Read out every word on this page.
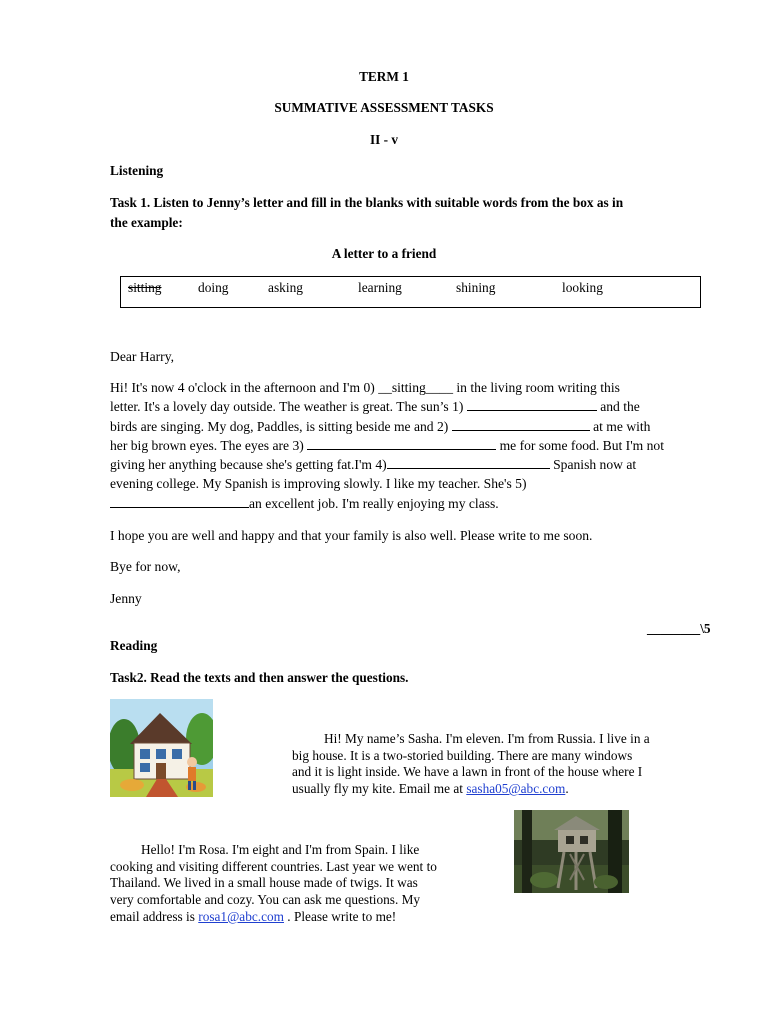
TERM 1
SUMMATIVE ASSESSMENT TASKS
II - v
Listening
Task 1. Listen to Jenny’s letter and fill in the blanks with suitable words from the box as in
the example:
A letter to a friend
sitting	doing	asking	learning	shining	looking
Dear Harry,
Hi! It's now 4 o'clock in the afternoon and I'm 0) __sitting____ in the living room writing this
letter. It's a lovely day outside. The weather is great. The sun’s 1)	and the
birds are singing. My dog, Paddles, is sitting beside me and 2)	at me with
her big brown eyes. The eyes are 3)	me for some food. But I'm not
giving her anything because she's getting fat.I'm 4)	Spanish now at
evening college. My Spanish is improving slowly. I like my teacher. She's 5)
an excellent job. I'm really enjoying my class.
I hope you are well and happy and that your family is also well. Please write to me soon.
Bye for now,
Jenny
________\5
Reading
Task2. Read the texts and then answer the questions.
Hi! My name’s Sasha. I'm eleven. I'm from Russia. I live in a
big house. It is a two-storied building. There are many windows
and it is light inside. We have a lawn in front of the house where I
usually fly my kite. Email me at sasha05@abc.com.
Hello! I'm Rosa. I'm eight and I'm from Spain. I like
cooking and visiting different countries. Last year we went to
Thailand. We lived in a small house made of twigs. It was
very comfortable and cozy. You can ask me questions. My
email address is rosa1@abc.com . Please write to me!
